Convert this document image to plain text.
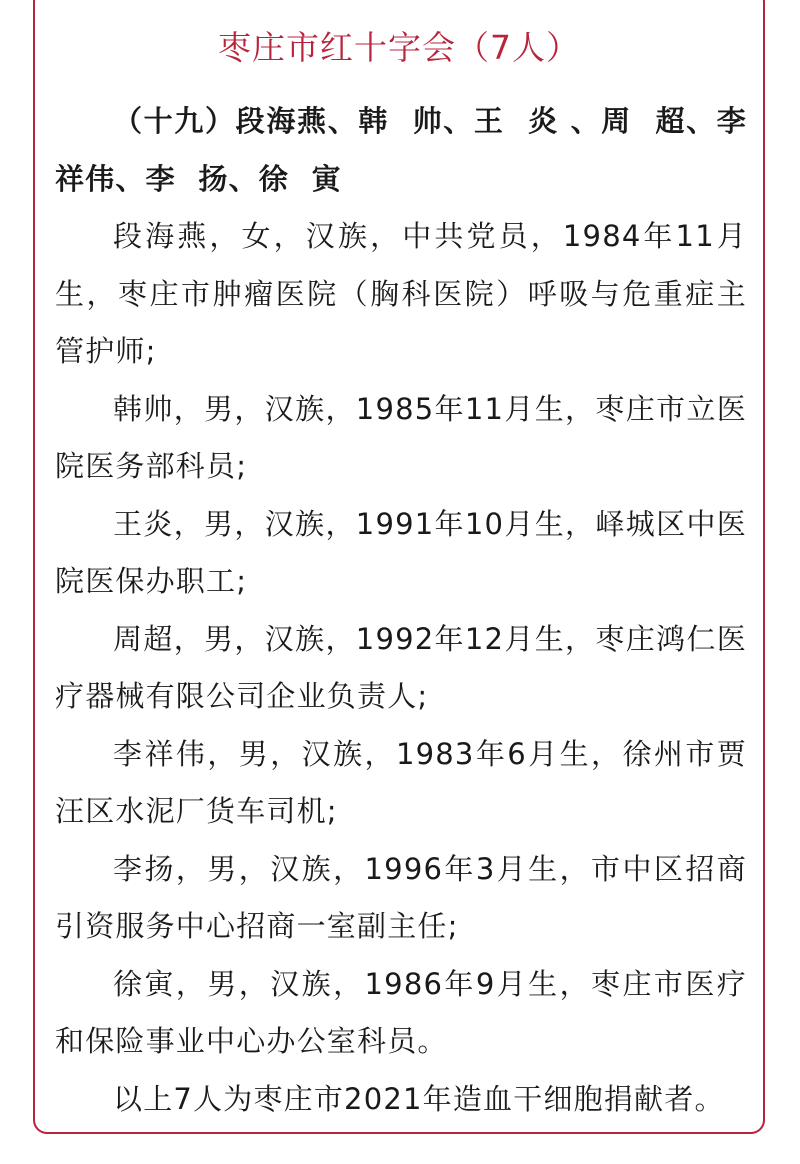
枣庄市红十字会（7人）

（十九）段海燕、韩  帅、王  炎 、周  超、李祥伟、李  扬、徐  寅

段海燕，女，汉族，中共党员，1984年11月生，枣庄市肿瘤医院（胸科医院）呼吸与危重症主管护师;

韩帅，男，汉族，1985年11月生，枣庄市立医院医务部科员;

王炎，男，汉族，1991年10月生，峄城区中医院医保办职工;

周超，男，汉族，1992年12月生，枣庄鸿仁医疗器械有限公司企业负责人;

李祥伟，男，汉族，1983年6月生，徐州市贾汪区水泥厂货车司机;

李扬，男，汉族，1996年3月生，市中区招商引资服务中心招商一室副主任;

徐寅，男，汉族，1986年9月生，枣庄市医疗和保险事业中心办公室科员。

以上7人为枣庄市2021年造血干细胞捐献者。
